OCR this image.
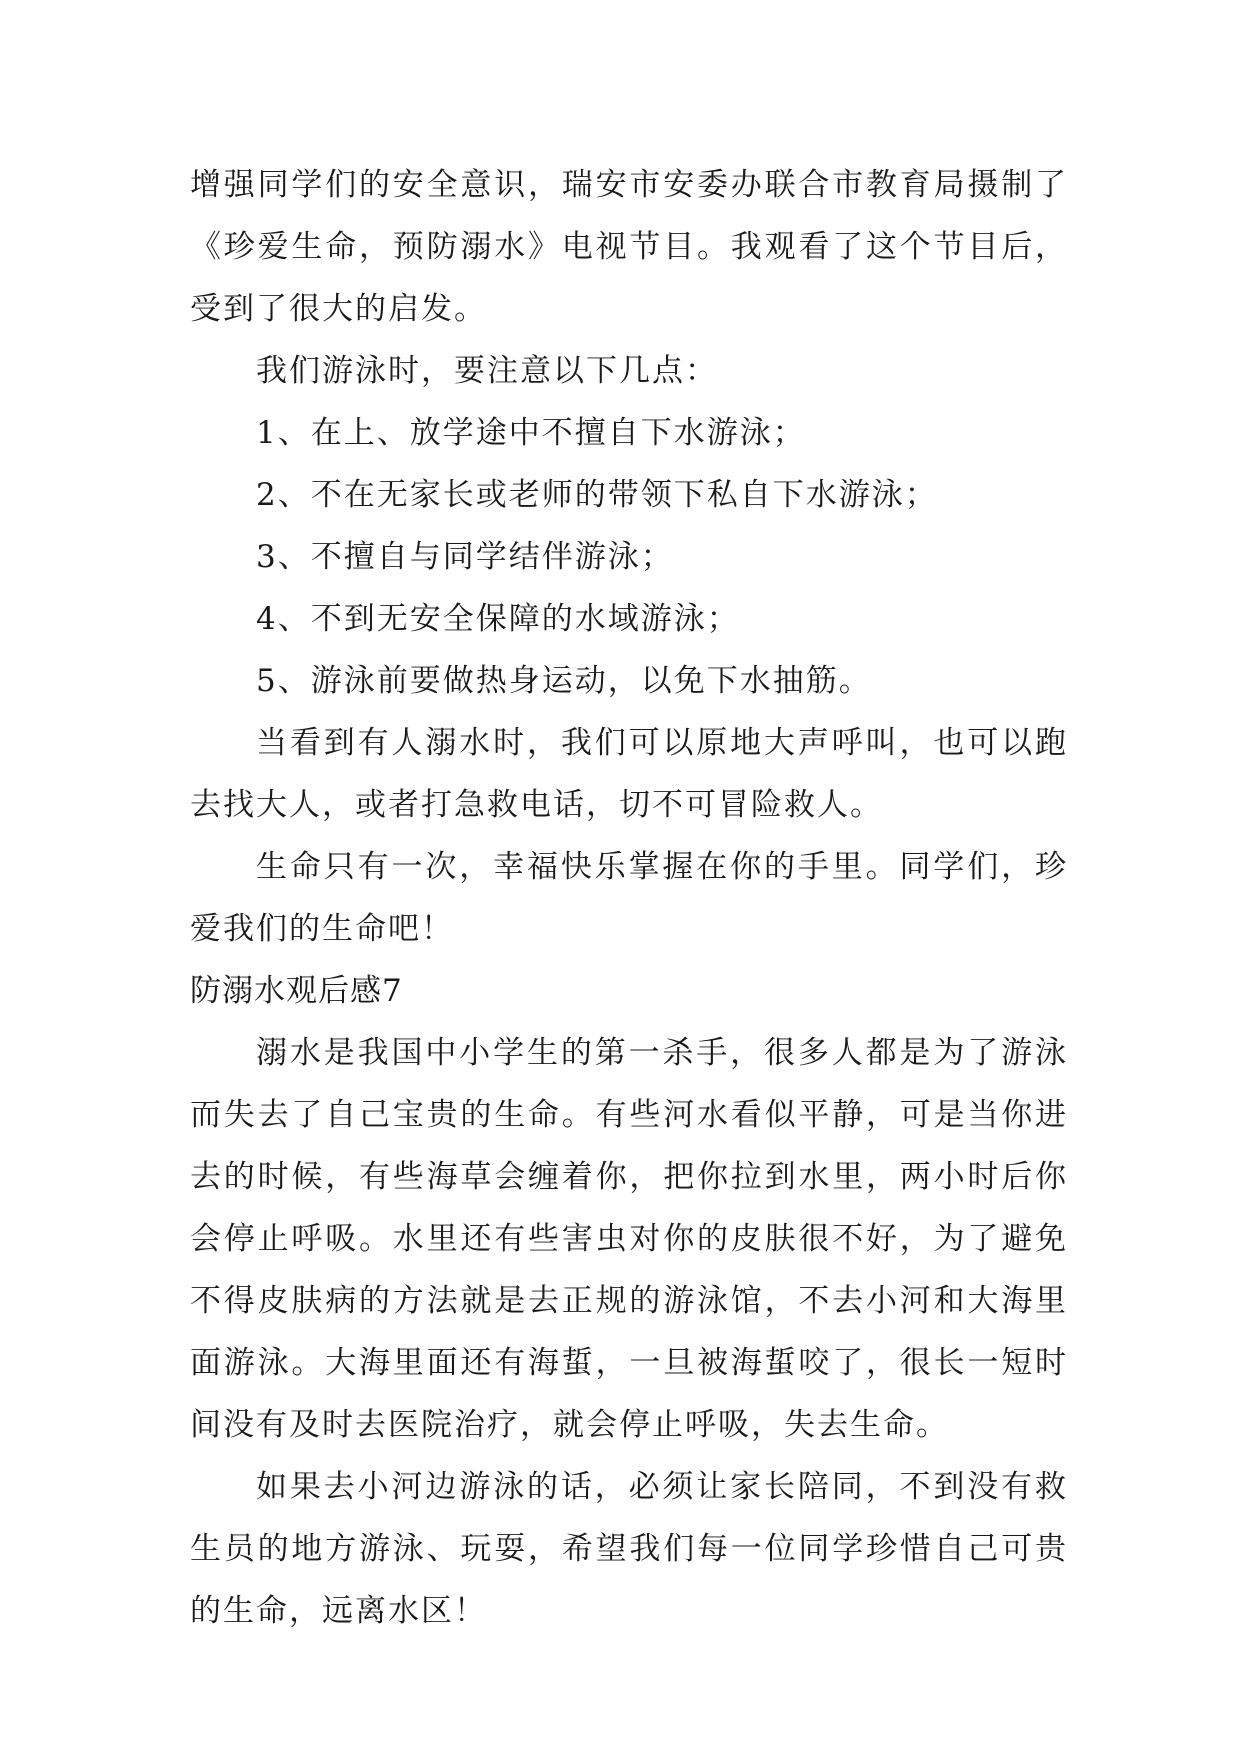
增强同学们的安全意识，瑞安市安委办联合市教育局摄制了《珍爱生命，预防溺水》电视节目。我观看了这个节目后，受到了很大的启发。

我们游泳时，要注意以下几点：

1、在上、放学途中不擅自下水游泳；

2、不在无家长或老师的带领下私自下水游泳；

3、不擅自与同学结伴游泳；

4、不到无安全保障的水域游泳；

5、游泳前要做热身运动，以免下水抽筋。

当看到有人溺水时，我们可以原地大声呼叫，也可以跑去找大人，或者打急救电话，切不可冒险救人。

生命只有一次，幸福快乐掌握在你的手里。同学们，珍爱我们的生命吧！

防溺水观后感7

溺水是我国中小学生的第一杀手，很多人都是为了游泳而失去了自己宝贵的生命。有些河水看似平静，可是当你进去的时候，有些海草会缠着你，把你拉到水里，两小时后你会停止呼吸。水里还有些害虫对你的皮肤很不好，为了避免不得皮肤病的方法就是去正规的游泳馆，不去小河和大海里面游泳。大海里面还有海蜇，一旦被海蜇咬了，很长一短时间没有及时去医院治疗，就会停止呼吸，失去生命。

如果去小河边游泳的话，必须让家长陪同，不到没有救生员的地方游泳、玩耍，希望我们每一位同学珍惜自己可贵的生命，远离水区！
